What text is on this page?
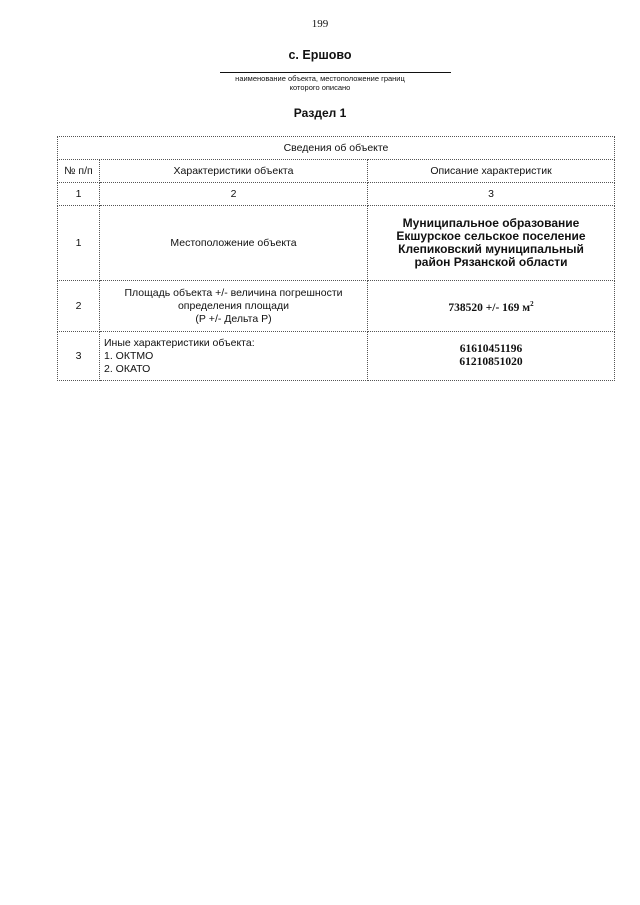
199
с. Ершово
наименование объекта, местоположение границ
которого описано
Раздел 1
Сведения об объекте		
№ п/п	Характеристики объекта	Описание характеристик
1	2	3
1	Местоположение объекта	Муниципальное образование
Екшурское сельское поселение
Клепиковский муниципальный
район Рязанской области

2	Площадь объекта +/- величина погрешности
определения площади
(Р +/- Дельта Р)	738520 +/- 169 $м^2$
3	Иные характеристики объекта:
1. ОКТМО
2. ОКАТО	61610451196
61210851020
